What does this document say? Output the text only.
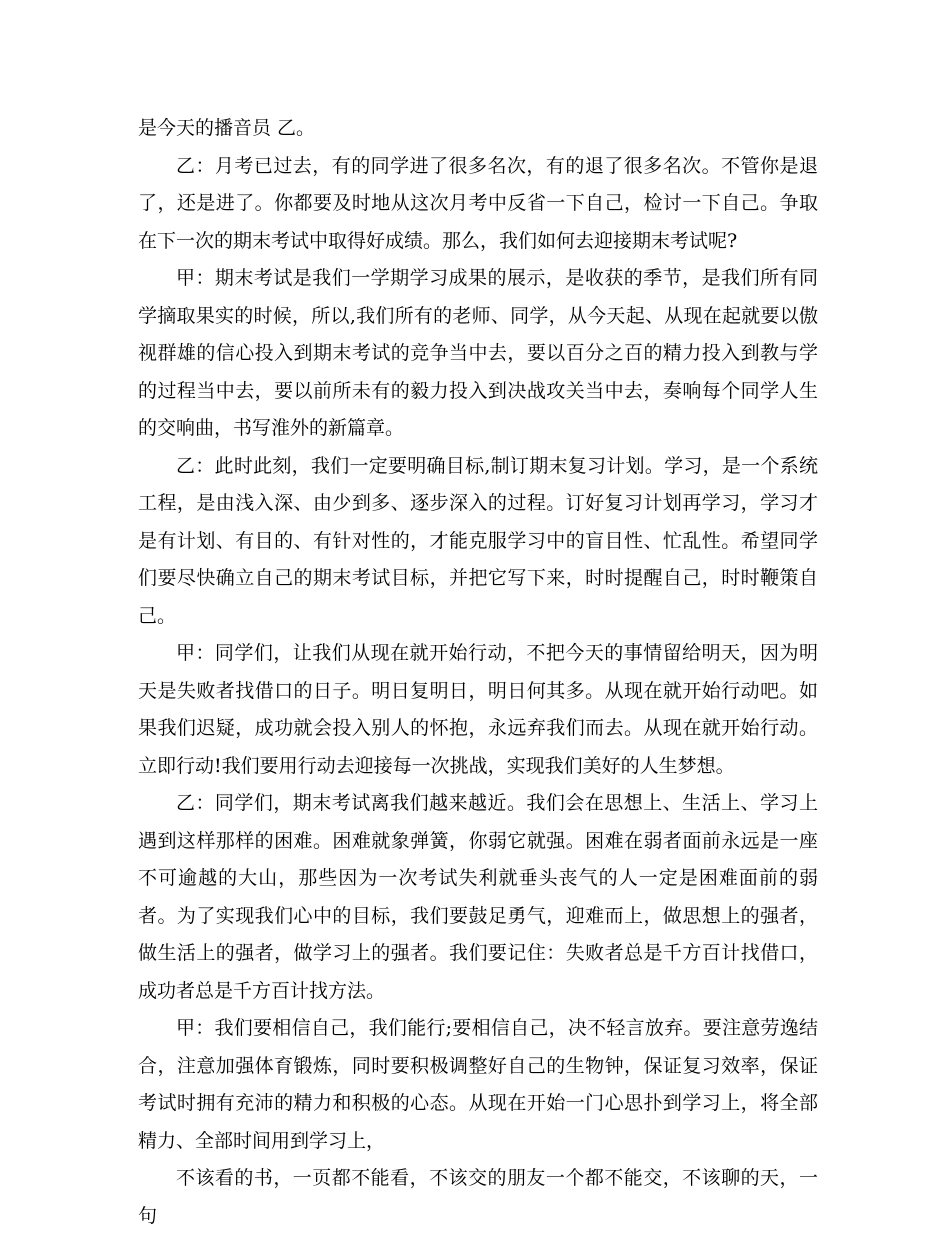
是今天的播音员 乙。

乙：月考已过去，有的同学进了很多名次，有的退了很多名次。不管你是退了，还是进了。你都要及时地从这次月考中反省一下自己，检讨一下自己。争取在下一次的期末考试中取得好成绩。那么，我们如何去迎接期末考试呢?

甲：期末考试是我们一学期学习成果的展示，是收获的季节，是我们所有同学摘取果实的时候，所以,我们所有的老师、同学，从今天起、从现在起就要以傲视群雄的信心投入到期末考试的竞争当中去，要以百分之百的精力投入到教与学的过程当中去，要以前所未有的毅力投入到决战攻关当中去，奏响每个同学人生的交响曲，书写淮外的新篇章。

乙：此时此刻，我们一定要明确目标,制订期末复习计划。学习，是一个系统工程，是由浅入深、由少到多、逐步深入的过程。订好复习计划再学习，学习才是有计划、有目的、有针对性的，才能克服学习中的盲目性、忙乱性。希望同学们要尽快确立自己的期末考试目标，并把它写下来，时时提醒自己，时时鞭策自己。

甲：同学们，让我们从现在就开始行动，不把今天的事情留给明天，因为明天是失败者找借口的日子。明日复明日，明日何其多。从现在就开始行动吧。如果我们迟疑，成功就会投入别人的怀抱，永远弃我们而去。从现在就开始行动。立即行动!我们要用行动去迎接每一次挑战，实现我们美好的人生梦想。

乙：同学们，期末考试离我们越来越近。我们会在思想上、生活上、学习上遇到这样那样的困难。困难就象弹簧，你弱它就强。困难在弱者面前永远是一座不可逾越的大山，那些因为一次考试失利就垂头丧气的人一定是困难面前的弱者。为了实现我们心中的目标，我们要鼓足勇气，迎难而上，做思想上的强者，做生活上的强者，做学习上的强者。我们要记住：失败者总是千方百计找借口，成功者总是千方百计找方法。

甲：我们要相信自己，我们能行;要相信自己，决不轻言放弃。要注意劳逸结合，注意加强体育锻炼，同时要积极调整好自己的生物钟，保证复习效率，保证考试时拥有充沛的精力和积极的心态。从现在开始一门心思扑到学习上，将全部精力、全部时间用到学习上，

不该看的书，一页都不能看，不该交的朋友一个都不能交，不该聊的天，一句
